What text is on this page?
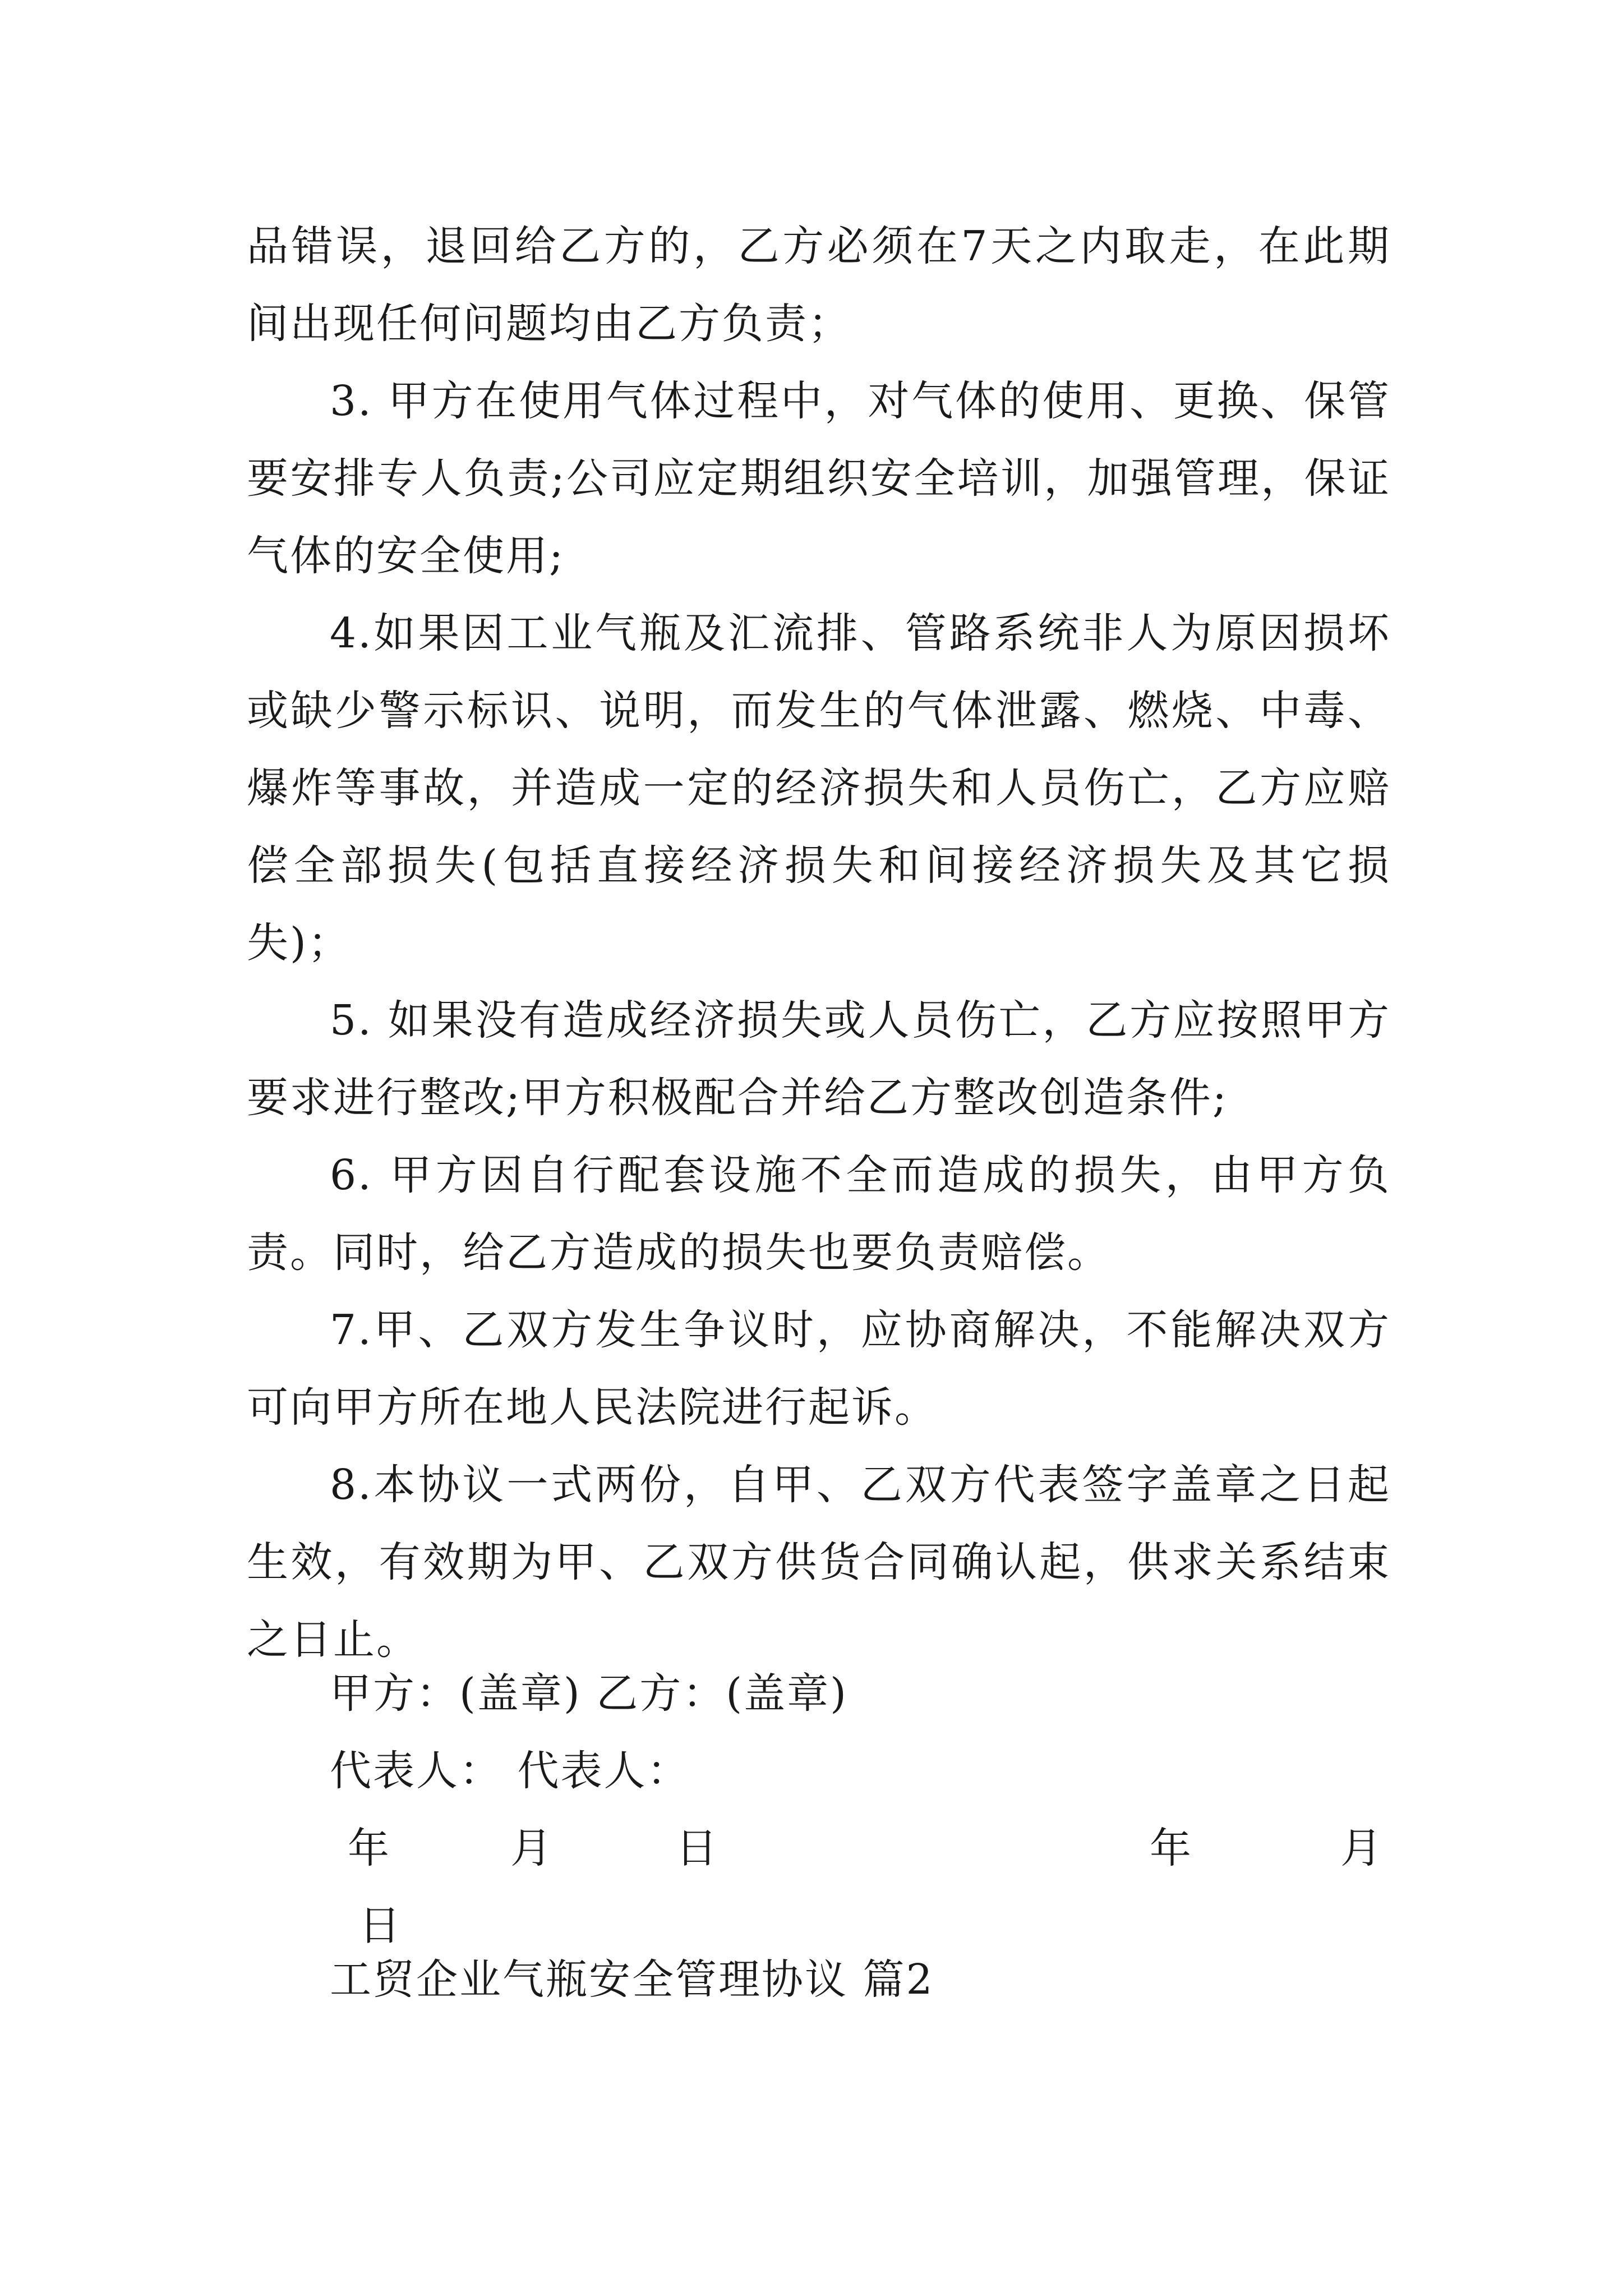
品错误，退回给乙方的，乙方必须在7天之内取走，在此期间出现任何问题均由乙方负责；

3. 甲方在使用气体过程中，对气体的使用、更换、保管要安排专人负责;公司应定期组织安全培训，加强管理，保证气体的安全使用;

4.如果因工业气瓶及汇流排、管路系统非人为原因损坏或缺少警示标识、说明，而发生的气体泄露、燃烧、中毒、爆炸等事故，并造成一定的经济损失和人员伤亡，乙方应赔偿全部损失(包括直接经济损失和间接经济损失及其它损失)；

5. 如果没有造成经济损失或人员伤亡，乙方应按照甲方要求进行整改;甲方积极配合并给乙方整改创造条件;

6. 甲方因自行配套设施不全而造成的损失，由甲方负责。同时，给乙方造成的损失也要负责赔偿。

7.甲、乙双方发生争议时，应协商解决，不能解决双方可向甲方所在地人民法院进行起诉。

8.本协议一式两份，自甲、乙双方代表签字盖章之日起生效，有效期为甲、乙双方供货合同确认起，供求关系结束之日止。

甲方：(盖章) 乙方：(盖章)
代表人： 代表人：
年	月	日	年	月
日
工贸企业气瓶安全管理协议 篇2
